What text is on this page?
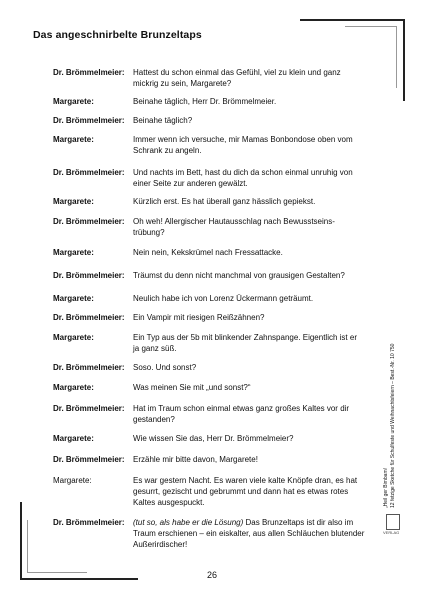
Das angeschnirbelte Brunzeltaps
Dr. Brömmelmeier: Hattest du schon einmal das Gefühl, viel zu klein und ganz mickrig zu sein, Margarete?
Margarete:	Beinahe täglich, Herr Dr. Brömmelmeier.
Dr. Brömmelmeier: Beinahe täglich?
Margarete:	Immer wenn ich versuche, mir Mamas Bonbondose oben vom Schrank zu angeln.
Dr. Brömmelmeier: Und nachts im Bett, hast du dich da schon einmal unruhig von einer Seite zur anderen gewälzt.
Margarete:	Kürzlich erst. Es hat überall ganz hässlich gepiekst.
Dr. Brömmelmeier: Oh weh! Allergischer Hautausschlag nach Bewusstseins-trübung?
Margarete:	Nein nein, Kekskrümel nach Fressattacke.
Dr. Brömmelmeier: Träumst du denn nicht manchmal von grausigen Gestalten?
Margarete:	Neulich habe ich von Lorenz Ückermann geträumt.
Dr. Brömmelmeier: Ein Vampir mit riesigen Reißzähnen?
Margarete:	Ein Typ aus der 5b mit blinkender Zahnspange. Eigentlich ist er ja ganz süß.
Dr. Brömmelmeier: Soso. Und sonst?
Margarete:	Was meinen Sie mit „und sonst?“
Dr. Brömmelmeier: Hat im Traum schon einmal etwas ganz großes Kaltes vor dir gestanden?
Margarete:	Wie wissen Sie das, Herr Dr. Brömmelmeier?
Dr. Brömmelmeier: Erzähle mir bitte davon, Margarete!
Margarete:	Es war gestern Nacht. Es waren viele kalte Knöpfe dran, es hat gesurrt, gezischt und gebrummt und dann hat es etwas rotes Kaltes ausgespuckt.
Dr. Brömmelmeier: (tut so, als habe er die Lösung) Das Brunzeltaps ist dir also im Traum erschienen – ein eiskalter, aus allen Schläuchen blutender Außerirdischer!
26
„Heil ger Bimbam! 12 fetzige Sketche für Schulfeste und Weihnachtsfeiern – Best.-Nr. 10 750
VERLAG
